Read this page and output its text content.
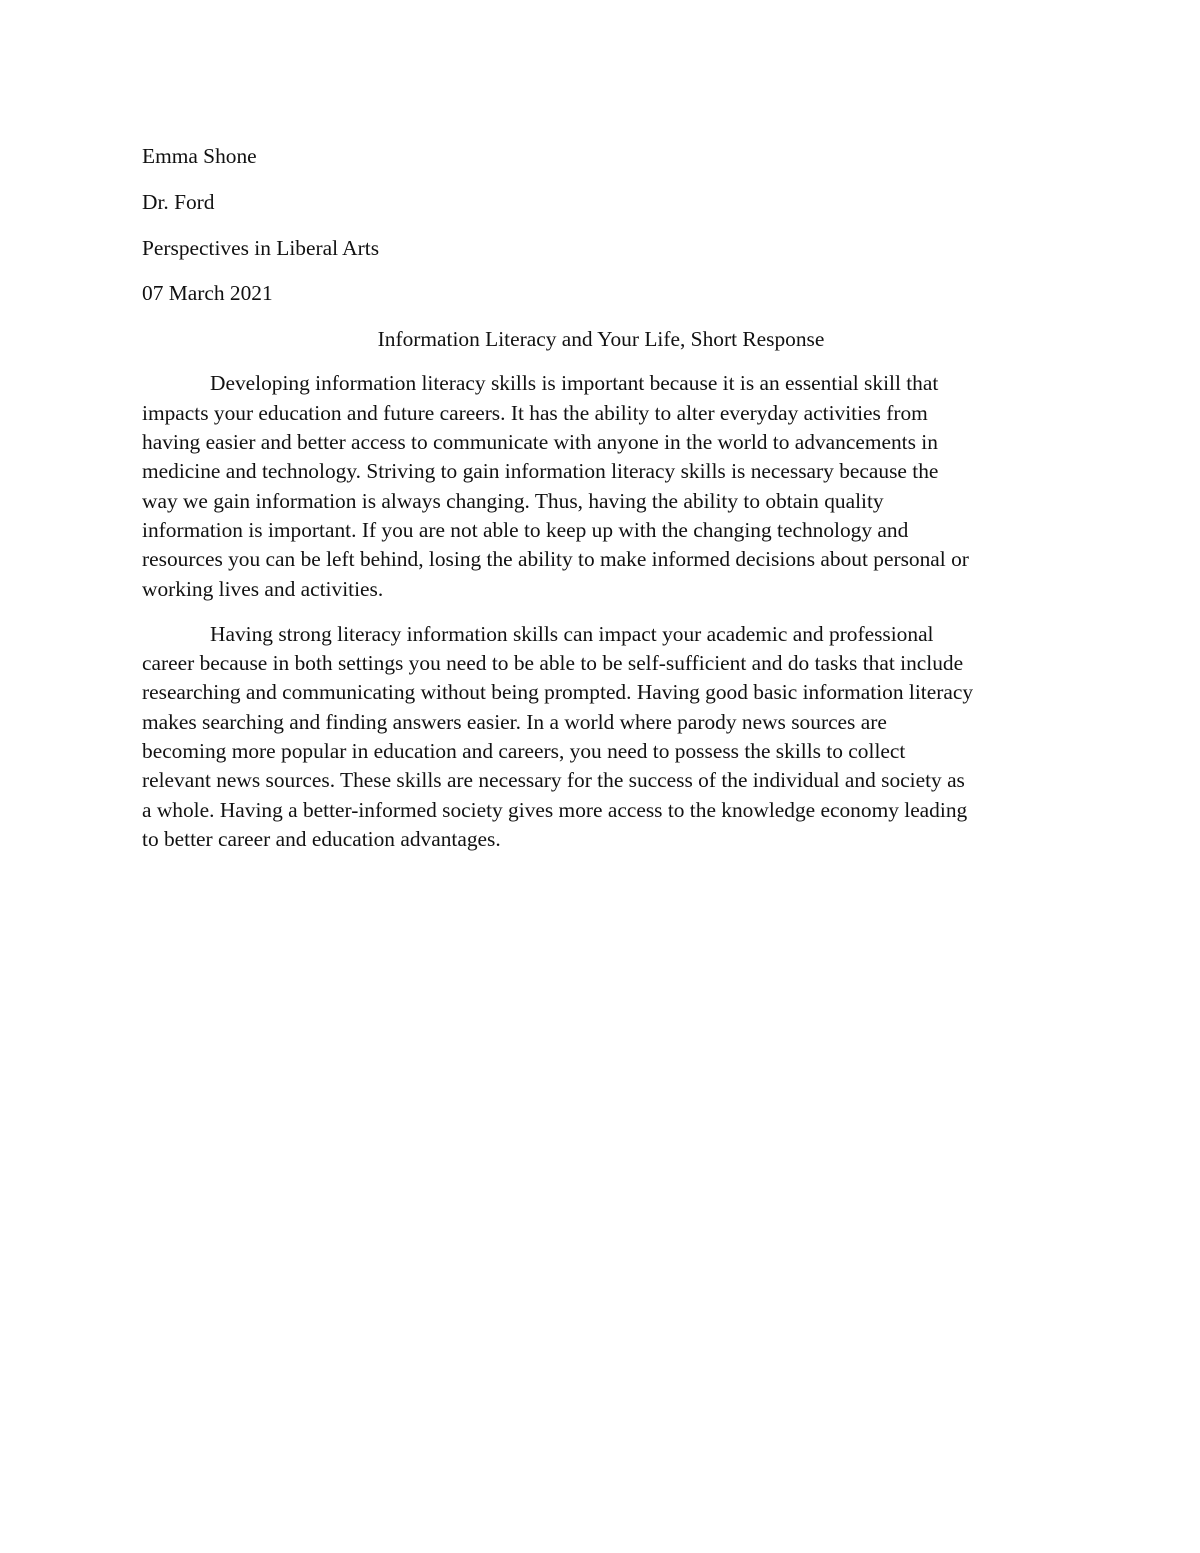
Emma Shone
Dr. Ford
Perspectives in Liberal Arts
07 March 2021
Information Literacy and Your Life, Short Response
Developing information literacy skills is important because it is an essential skill that
impacts your education and future careers. It has the ability to alter everyday activities from
having easier and better access to communicate with anyone in the world to advancements in
medicine and technology. Striving to gain information literacy skills is necessary because the
way we gain information is always changing. Thus, having the ability to obtain quality
information is important. If you are not able to keep up with the changing technology and
resources you can be left behind, losing the ability to make informed decisions about personal or
working lives and activities.
Having strong literacy information skills can impact your academic and professional
career because in both settings you need to be able to be self-sufficient and do tasks that include
researching and communicating without being prompted. Having good basic information literacy
makes searching and finding answers easier. In a world where parody news sources are
becoming more popular in education and careers, you need to possess the skills to collect
relevant news sources. These skills are necessary for the success of the individual and society as
a whole. Having a better-informed society gives more access to the knowledge economy leading
to better career and education advantages.
